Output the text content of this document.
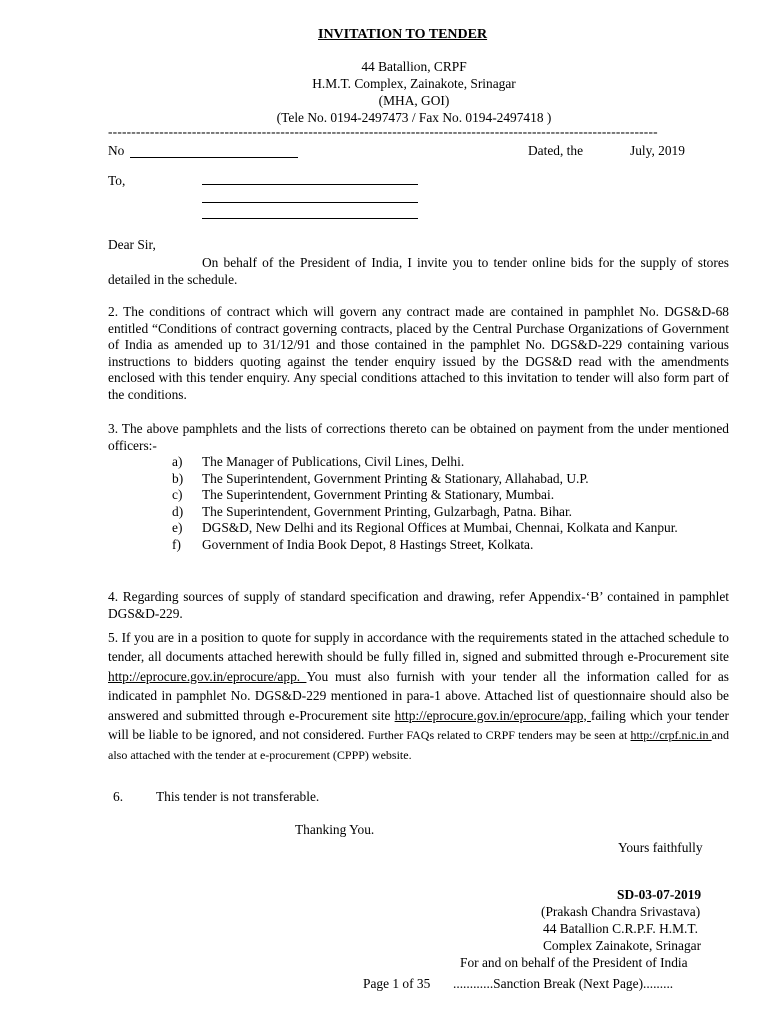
INVITATION TO TENDER
44 Batallion, CRPF
H.M.T. Complex, Zainakote, Srinagar
(MHA, GOI)
(Tele No. 0194-2497473 / Fax No. 0194-2497418 )
----------------------------------------------------------------------------------------------------------------------
No	Dated, the	July, 2019
To,
Dear Sir,
On behalf of the President of India, I invite you to tender online bids for the supply of stores detailed in the schedule.
2. The conditions of contract which will govern any contract made are contained in pamphlet No. DGS&D-68 entitled “Conditions of contract governing contracts, placed by the Central Purchase Organizations of Government of India as amended up to 31/12/91 and those contained in the pamphlet No. DGS&D-229 containing various instructions to bidders quoting against the tender enquiry issued by the DGS&D read with the amendments enclosed with this tender enquiry. Any special conditions attached to this invitation to tender will also form part of the conditions.
3. The above pamphlets and the lists of corrections thereto can be obtained on payment from the under mentioned officers:-
a)	The Manager of Publications, Civil Lines, Delhi.
b)	The Superintendent, Government Printing & Stationary, Allahabad, U.P.
c)	The Superintendent, Government Printing & Stationary, Mumbai.
d)	The Superintendent, Government Printing, Gulzarbagh, Patna. Bihar.
e)	DGS&D, New Delhi and its Regional Offices at Mumbai, Chennai, Kolkata and Kanpur.
f)	Government of India Book Depot, 8 Hastings Street, Kolkata.
4. Regarding sources of supply of standard specification and drawing, refer Appendix-‘B’ contained in pamphlet DGS&D-229.
5. If you are in a position to quote for supply in accordance with the requirements stated in the attached schedule to tender, all documents attached herewith should be fully filled in, signed and submitted through e-Procurement site http://eprocure.gov.in/eprocure/app. You must also furnish with your tender all the information called for as indicated in pamphlet No. DGS&D-229 mentioned in para-1 above. Attached list of questionnaire should also be answered and submitted through e-Procurement site http://eprocure.gov.in/eprocure/app, failing which your tender will be liable to be ignored, and not considered. Further FAQs related to CRPF tenders may be seen at http://crpf.nic.in and also attached with the tender at e-procurement (CPPP) website.
6. This tender is not transferable.
Thanking You.
Yours faithfully
SD-03-07-2019
(Prakash Chandra Srivastava)
44 Batallion C.R.P.F. H.M.T.
Complex Zainakote, Srinagar
For and on behalf of the President of India
Page 1 of 35 ............Sanction Break (Next Page).........
